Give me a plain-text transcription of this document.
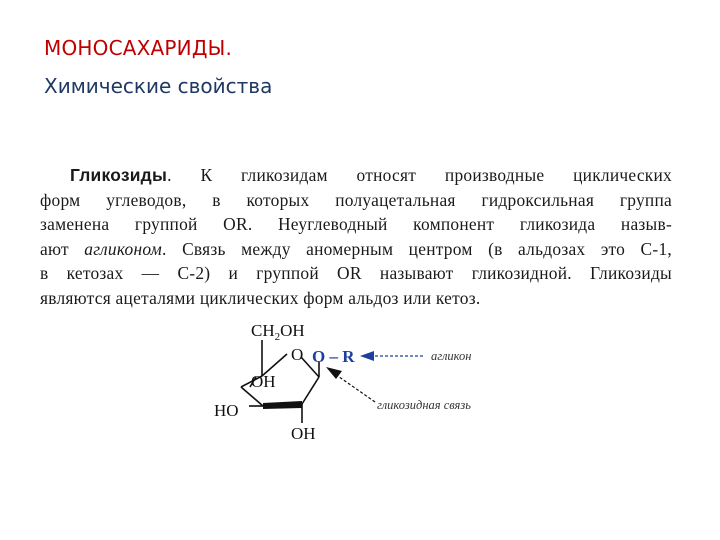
МОНОСАХАРИДЫ.
Химические свойства
Гликозиды. К гликозидам относят производные циклических
форм углеводов, в которых полуацетальная гидроксильная группа
заменена группой OR. Неуглеводный компонент гликозида назыв-
ают агликоном. Связь между аномерным центром (в альдозах это С-1,
в кетозах — С-2) и группой OR называют гликозидной. Гликозиды
являются ацеталями циклических форм альдоз или кетоз.
$CH_2OH$
O O – R
OH
HO
OH
агликон
гликозидная связь
